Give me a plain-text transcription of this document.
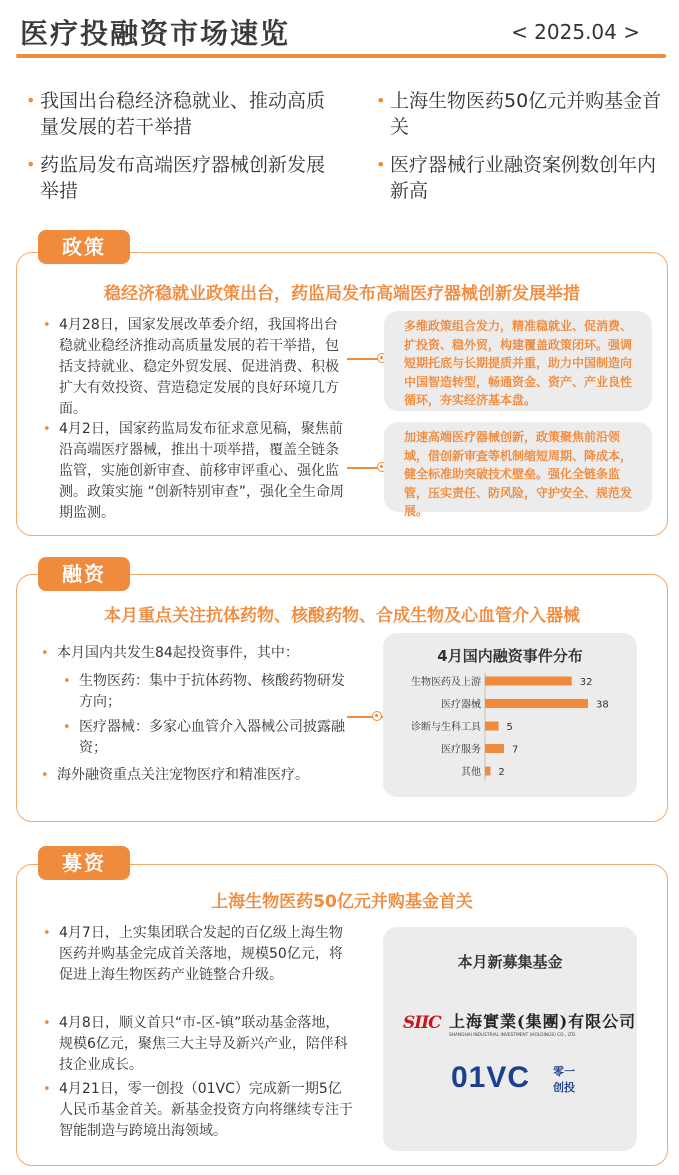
医疗投融资市场速览	< 2025.04 >
• 我国出台稳经济稳就业、推动高质量发展的若干举措
• 上海生物医药50亿元并购基金首关
• 药监局发布高端医疗器械创新发展举措
• 医疗器械行业融资案例数创年内新高
稳经济稳就业政策出台，药监局发布高端医疗器械创新发展举措
• 4月28日，国家发展改革委介绍，我国将出台稳就业稳经济推动高质量发展的若干举措，包括支持就业、稳定外贸发展、促进消费、积极扩大有效投资、营造稳定发展的良好环境几方面。
• 4月2日，国家药监局发布征求意见稿，聚焦前沿高端医疗器械，推出十项举措，覆盖全链条监管，实施创新审查、前移审评重心、强化监测。政策实施 “创新特别审查”，强化全生命周期监测。
多维政策组合发力，精准稳就业、促消费、扩投资、稳外贸，构建覆盖政策闭环。强调短期托底与长期提质并重，助力中国制造向中国智造转型，畅通资金、资产、产业良性循环，夯实经济基本盘。
加速高端医疗器械创新，政策聚焦前沿领域，借创新审查等机制缩短周期、降成本，健全标准助突破技术壁垒。强化全链条监管，压实责任、防风险，守护安全、规范发展。
政策
本月重点关注抗体药物、核酸药物、合成生物及心血管介入器械
• 本月国内共发生84起投资事件，其中：
• 生物医药：集中于抗体药物、核酸药物研发方向；
• 医疗器械：多家心血管介入器械公司披露融资；
• 海外融资重点关注宠物医疗和精准医疗。
4月国内融资事件分布
生物医药及上游	32
医疗器械	38
诊断与生科工具	5
医疗服务	7
其他 2
融资
上海生物医药50亿元并购基金首关
• 4月7日，上实集团联合发起的百亿级上海生物医药并购基金完成首关落地，规模50亿元，将促进上海生物医药产业链整合升级。
• 4月8日，顺义首只“市-区-镇”联动基金落地，规模6亿元，聚焦三大主导及新兴产业，陪伴科技企业成长。
• 4月21日，零一创投（01VC）完成新一期5亿人民币基金首关。新基金投资方向将继续专注于智能制造与跨境出海领域。
本月新募集基金
SIIC 上海實業(集團)有限公司
SHANGHAI INDUSTRIAL INVESTMENT (HOLDINGS) CO., LTD.
01VC 零一
创投
募资
